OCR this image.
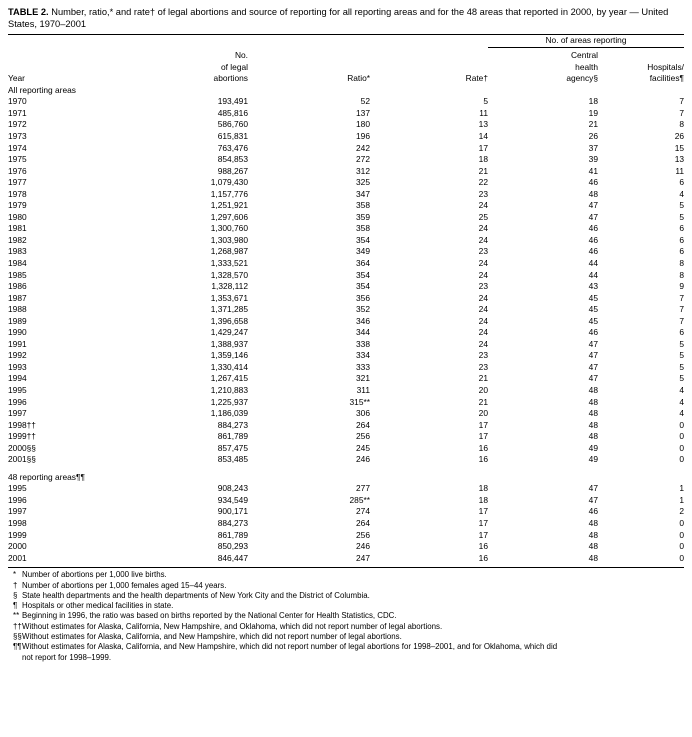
TABLE 2. Number, ratio,* and rate† of legal abortions and source of reporting for all reporting areas and for the 48 areas that reported in 2000, by year — United States, 1970–2001

				No. of areas reporting	

Year	No.
of legal
abortions	Ratio*	Rate†	Central
health
agency§	Hospitals/
facilities¶

All reporting areas					
1970	193,491	52	5	18	7
1971	485,816	137	11	19	7
1972	586,760	180	13	21	8
1973	615,831	196	14	26	26
1974	763,476	242	17	37	15
1975	854,853	272	18	39	13
1976	988,267	312	21	41	11
1977	1,079,430	325	22	46	6
1978	1,157,776	347	23	48	4
1979	1,251,921	358	24	47	5
1980	1,297,606	359	25	47	5
1981	1,300,760	358	24	46	6
1982	1,303,980	354	24	46	6
1983	1,268,987	349	23	46	6
1984	1,333,521	364	24	44	8
1985	1,328,570	354	24	44	8
1986	1,328,112	354	23	43	9
1987	1,353,671	356	24	45	7
1988	1,371,285	352	24	45	7
1989	1,396,658	346	24	45	7
1990	1,429,247	344	24	46	6
1991	1,388,937	338	24	47	5
1992	1,359,146	334	23	47	5
1993	1,330,414	333	23	47	5
1994	1,267,415	321	21	47	5
1995	1,210,883	311	20	48	4
1996	1,225,937	315**	21	48	4
1997	1,186,039	306	20	48	4
1998††	884,273	264	17	48	0
1999††	861,789	256	17	48	0
2000§§	857,475	245	16	49	0
2001§§	853,485	246	16	49	0

48 reporting areas¶¶					
1995	908,243	277	18	47	1
1996	934,549	285**	18	47	1
1997	900,171	274	17	46	2
1998	884,273	264	17	48	0
1999	861,789	256	17	48	0
2000	850,293	246	16	48	0
2001	846,447	247	16	48	0
* Number of abortions per 1,000 live births.
† Number of abortions per 1,000 females aged 15–44 years.
§ State health departments and the health departments of New York City and the District of Columbia.
¶ Hospitals or other medical facilities in state.
** Beginning in 1996, the ratio was based on births reported by the National Center for Health Statistics, CDC.
††Without estimates for Alaska, California, New Hampshire, and Oklahoma, which did not report number of legal abortions.
§§Without estimates for Alaska, California, and New Hampshire, which did not report number of legal abortions.
¶¶Without estimates for Alaska, California, and New Hampshire, which did not report number of legal abortions for 1998–2001, and for Oklahoma, which did
not report for 1998–1999.
